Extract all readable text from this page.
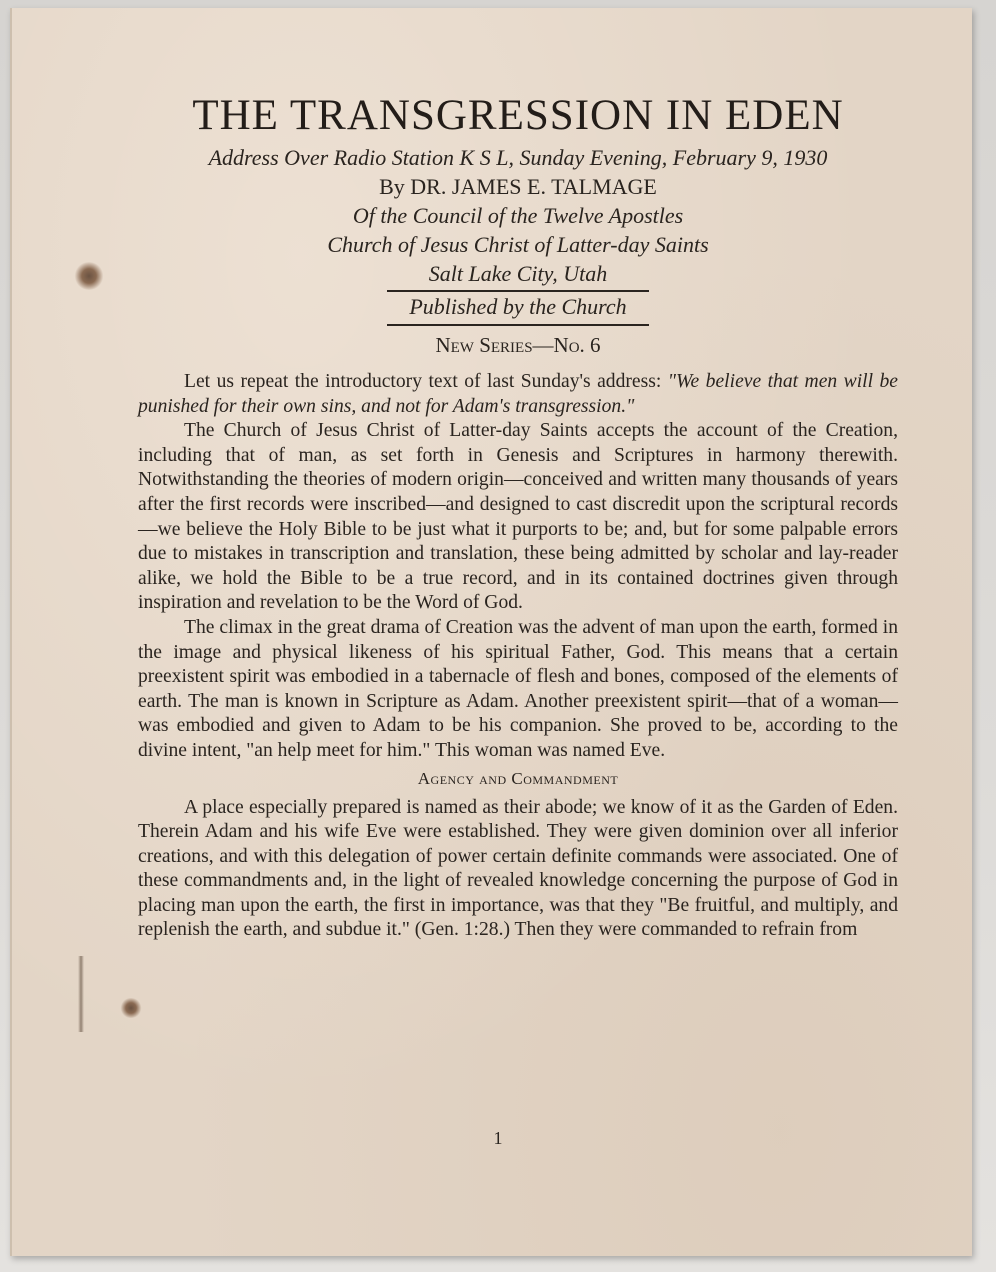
THE TRANSGRESSION IN EDEN

Address Over Radio Station K S L, Sunday Evening, February 9, 1930

By DR. JAMES E. TALMAGE

Of the Council of the Twelve Apostles

Church of Jesus Christ of Latter-day Saints

Salt Lake City, Utah

Published by the Church

New Series—No. 6

Let us repeat the introductory text of last Sunday's address: "We believe that men will be punished for their own sins, and not for Adam's transgression."

The Church of Jesus Christ of Latter-day Saints accepts the account of the Creation, including that of man, as set forth in Genesis and Scriptures in harmony therewith. Notwithstanding the theories of modern origin—conceived and written many thousands of years after the first records were inscribed—and designed to cast discredit upon the scriptural records—we believe the Holy Bible to be just what it purports to be; and, but for some palpable errors due to mistakes in transcription and translation, these being admitted by scholar and lay-reader alike, we hold the Bible to be a true record, and in its contained doctrines given through inspiration and revelation to be the Word of God.

The climax in the great drama of Creation was the advent of man upon the earth, formed in the image and physical likeness of his spiritual Father, God. This means that a certain preexistent spirit was embodied in a tabernacle of flesh and bones, composed of the elements of earth. The man is known in Scripture as Adam. Another preexistent spirit—that of a woman—was embodied and given to Adam to be his companion. She proved to be, according to the divine intent, "an help meet for him." This woman was named Eve.

Agency and Commandment

A place especially prepared is named as their abode; we know of it as the Garden of Eden. Therein Adam and his wife Eve were established. They were given dominion over all inferior creations, and with this delegation of power certain definite commands were associated. One of these commandments and, in the light of revealed knowledge concerning the purpose of God in placing man upon the earth, the first in importance, was that they "Be fruitful, and multiply, and replenish the earth, and subdue it." (Gen. 1:28.) Then they were commanded to refrain from

1
